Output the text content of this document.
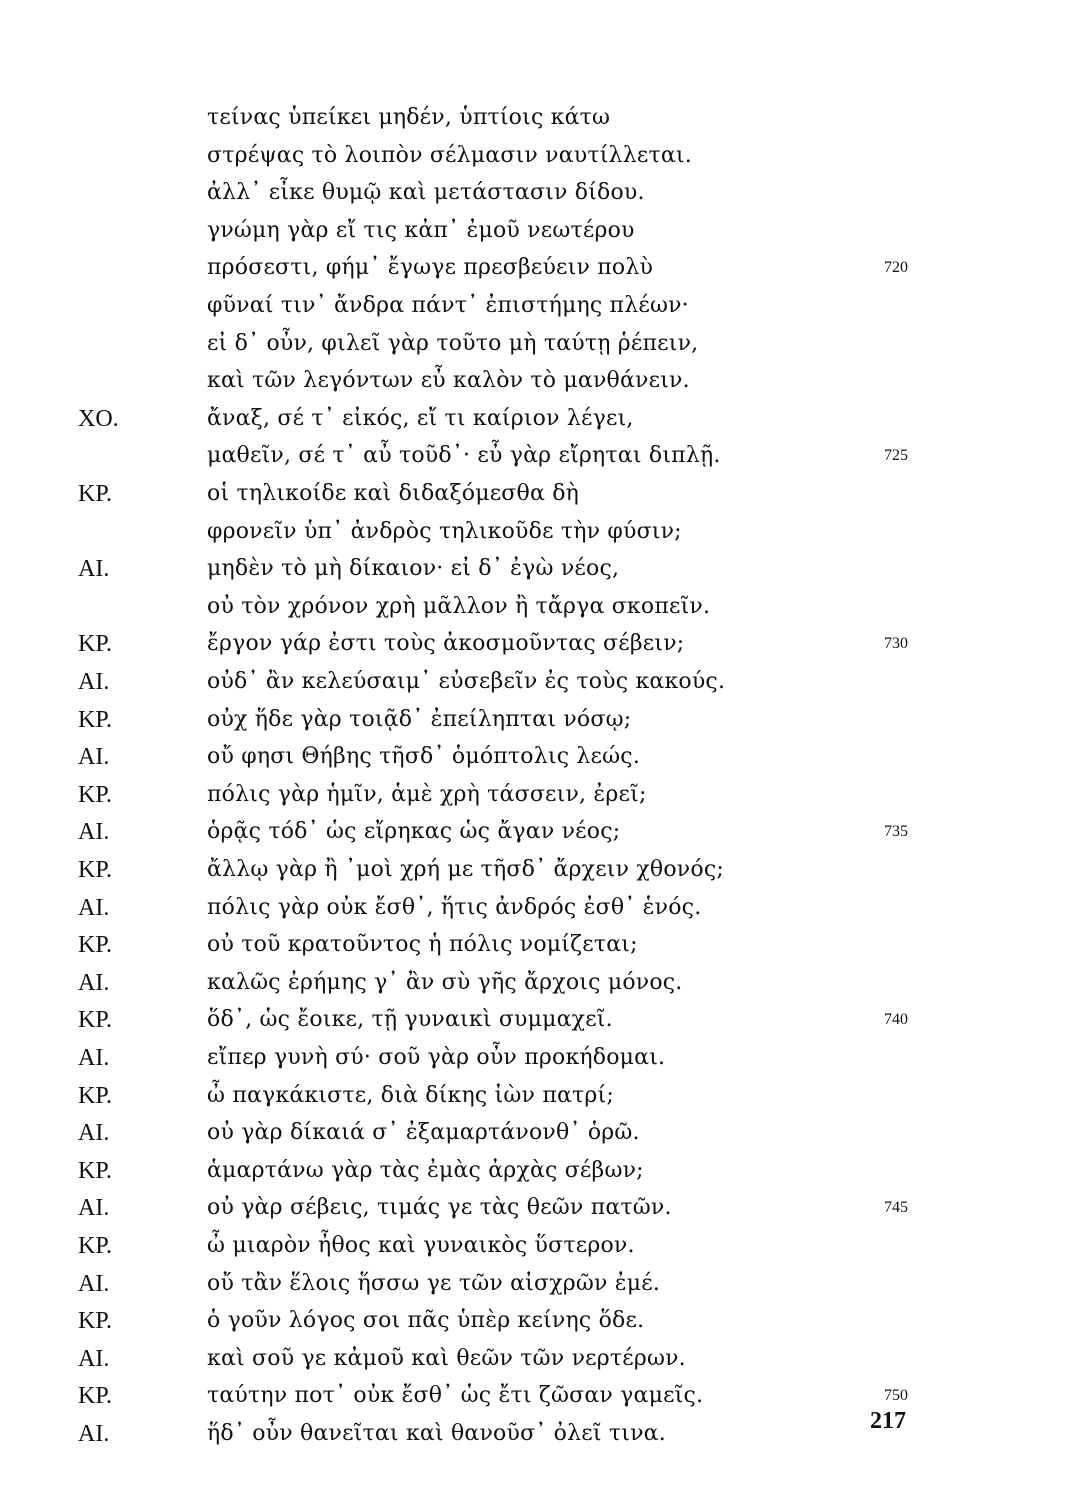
τείνας ὑπείκει μηδέν, ὑπτίοις κάτω
στρέψας τὸ λοιπὸν σέλμασιν ναυτίλλεται.
ἀλλ᾽ εἶκε θυμῷ καὶ μετάστασιν δίδου.
γνώμη γὰρ εἴ τις κἀπ᾽ ἐμοῦ νεωτέρου
πρόσεστι, φήμ᾽ ἔγωγε πρεσβεύειν πολὺ	720
φῦναί τιν᾽ ἄνδρα πάντ᾽ ἐπιστήμης πλέων·
εἰ δ᾽ οὖν, φιλεῖ γὰρ τοῦτο μὴ ταύτῃ ῥέπειν,
καὶ τῶν λεγόντων εὖ καλὸν τὸ μανθάνειν.
ΧΟ.	ἄναξ, σέ τ᾽ εἰκός, εἴ τι καίριον λέγει,
μαθεῖν, σέ τ᾽ αὖ τοῦδ᾽· εὖ γὰρ εἴρηται διπλῇ.	725
ΚΡ.	οἱ τηλικοίδε καὶ διδαξόμεσθα δὴ
φρονεῖν ὑπ᾽ ἀνδρὸς τηλικοῦδε τὴν φύσιν;
ΑΙ.	μηδὲν τὸ μὴ δίκαιον· εἰ δ᾽ ἐγὼ νέος,
οὐ τὸν χρόνον χρὴ μᾶλλον ἢ τἄργα σκοπεῖν.
ΚΡ.	ἔργον γάρ ἐστι τοὺς ἀκοσμοῦντας σέβειν;	730
ΑΙ.	οὐδ᾽ ἂν κελεύσαιμ᾽ εὐσεβεῖν ἐς τοὺς κακούς.
ΚΡ.	οὐχ ἥδε γὰρ τοιᾷδ᾽ ἐπείληπται νόσῳ;
ΑΙ.	οὔ φησι Θήβης τῆσδ᾽ ὁμόπτολις λεώς.
ΚΡ.	πόλις γὰρ ἡμῖν, ἁμὲ χρὴ τάσσειν, ἐρεῖ;
ΑΙ.	ὁρᾷς τόδ᾽ ὡς εἴρηκας ὡς ἄγαν νέος;	735
ΚΡ.	ἄλλῳ γὰρ ἢ ᾽μοὶ χρή με τῆσδ᾽ ἄρχειν χθονός;
ΑΙ.	πόλις γὰρ οὐκ ἔσθ᾽, ἥτις ἀνδρός ἐσθ᾽ ἑνός.
ΚΡ.	οὐ τοῦ κρατοῦντος ἡ πόλις νομίζεται;
ΑΙ.	καλῶς ἐρήμης γ᾽ ἂν σὺ γῆς ἄρχοις μόνος.
ΚΡ.	ὅδ᾽, ὡς ἔοικε, τῇ γυναικὶ συμμαχεῖ.	740
ΑΙ.	εἴπερ γυνὴ σύ· σοῦ γὰρ οὖν προκήδομαι.
ΚΡ.	ὦ παγκάκιστε, διὰ δίκης ἰὼν πατρί;
ΑΙ.	οὐ γὰρ δίκαιά σ᾽ ἐξαμαρτάνονθ᾽ ὁρῶ.
ΚΡ.	ἁμαρτάνω γὰρ τὰς ἐμὰς ἀρχὰς σέβων;
ΑΙ.	οὐ γὰρ σέβεις, τιμάς γε τὰς θεῶν πατῶν.	745
ΚΡ.	ὦ μιαρὸν ἦθος καὶ γυναικὸς ὕστερον.
ΑΙ.	οὔ τἂν ἕλοις ἥσσω γε τῶν αἰσχρῶν ἐμέ.
ΚΡ.	ὁ γοῦν λόγος σοι πᾶς ὑπὲρ κείνης ὅδε.
ΑΙ.	καὶ σοῦ γε κἀμοῦ καὶ θεῶν τῶν νερτέρων.
ΚΡ.	ταύτην ποτ᾽ οὐκ ἔσθ᾽ ὡς ἔτι ζῶσαν γαμεῖς.	750
ΑΙ.	ἥδ᾽ οὖν θανεῖται καὶ θανοῦσ᾽ ὀλεῖ τινα.	217
